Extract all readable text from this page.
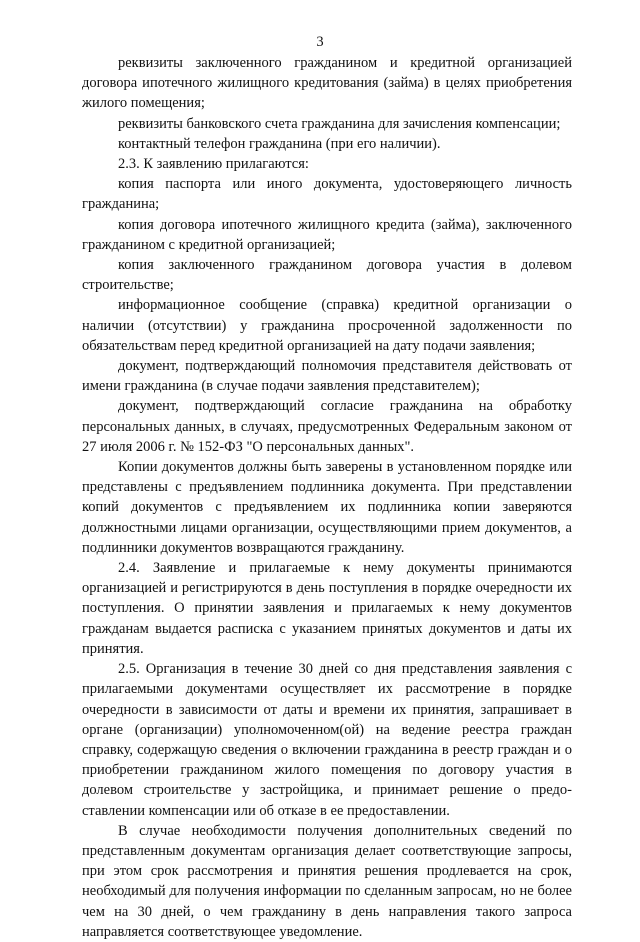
3

реквизиты заключенного гражданином и кредитной организацией договора ипотечного жилищного кредитования (займа) в целях приобретения жилого помещения;

реквизиты банковского счета гражданина для зачисления компенсации;

контактный телефон гражданина (при его наличии).

2.3. К заявлению прилагаются:

копия паспорта или иного документа, удостоверяющего личность гражданина;

копия договора ипотечного жилищного кредита (займа), заключенного гражданином с кредитной организацией;

копия заключенного гражданином договора участия в долевом строительстве;

информационное сообщение (справка) кредитной организации о наличии (отсутствии) у гражданина просроченной задолженности по обязательствам перед кредитной организацией на дату подачи заявления;

документ, подтверждающий полномочия представителя действовать от имени гражданина (в случае подачи заявления представителем);

документ, подтверждающий согласие гражданина на обработку персональных данных, в случаях, предусмотренных Федеральным законом от 27 июля 2006 г. № 152-ФЗ "О персональных данных".

Копии документов должны быть заверены в установленном порядке или представлены с предъявлением подлинника документа. При представлении копий документов с предъявлением их подлинника копии заверяются должностными лицами организации, осуществляющими прием документов, а подлинники документов возвращаются гражданину.

2.4. Заявление и прилагаемые к нему документы принимаются организацией и регистрируются в день поступления в порядке очередности их поступления. О принятии заявления и прилагаемых к нему документов гражданам выдается расписка с указанием принятых документов и даты их принятия.

2.5. Организация в течение 30 дней со дня представления заявления с прилагаемыми документами осуществляет их рассмотрение в порядке очередности в зависимости от даты и времени их принятия, запрашивает в органе (организации) уполномоченном(ой) на ведение реестра граждан справку, содержащую сведения о включении гражданина в реестр граждан и о приобретении гражданином жилого помещения по договору участия в долевом строительстве у застройщика, и принимает решение о предо-ставлении компенсации или об отказе в ее предоставлении.

В случае необходимости получения дополнительных сведений по представленным документам организация делает соответствующие запросы, при этом срок рассмотрения и принятия решения продлевается на срок, необходимый для получения информации по сделанным запросам, но не более чем на 30 дней, о чем гражданину в день направления такого запроса направляется соответствующее уведомление.
